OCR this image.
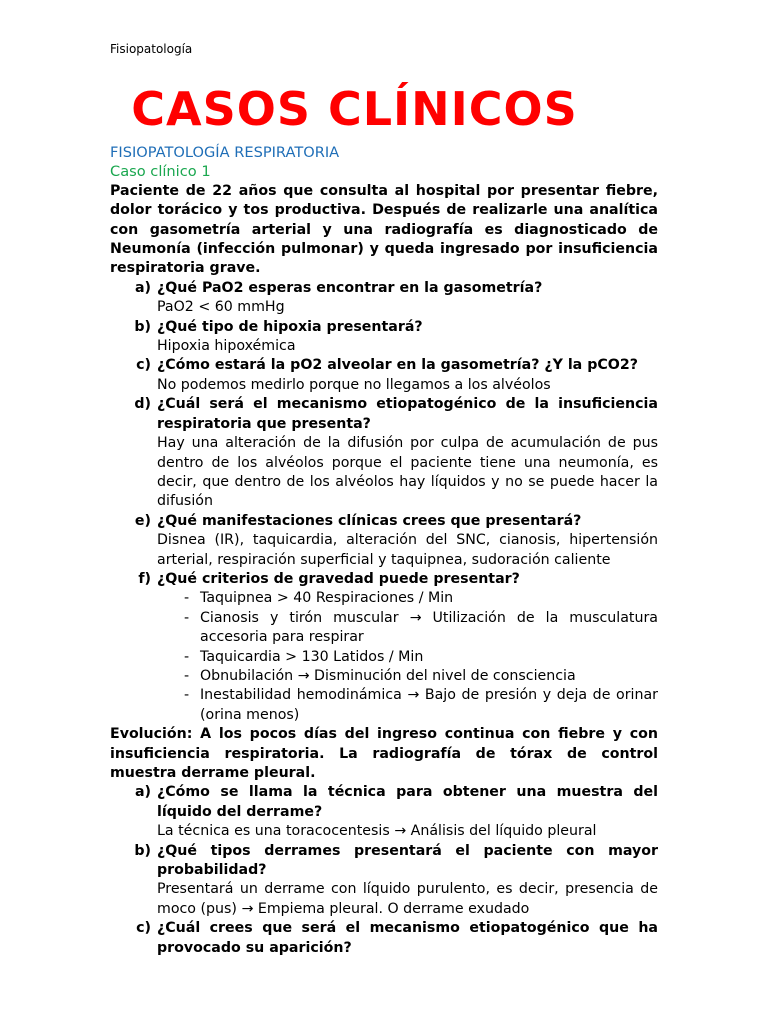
Fisiopatología
CASOS CLÍNICOS
FISIOPATOLOGÍA RESPIRATORIA
Caso clínico 1
Paciente de 22 años que consulta al hospital por presentar fiebre, dolor torácico y tos productiva. Después de realizarle una analítica con gasometría arterial y una radiografía es diagnosticado de Neumonía (infección pulmonar) y queda ingresado por insuficiencia respiratoria grave.
a) ¿Qué PaO2 esperas encontrar en la gasometría?
PaO2 < 60 mmHg
b) ¿Qué tipo de hipoxia presentará?
Hipoxia hipoxémica
c) ¿Cómo estará la pO2 alveolar en la gasometría? ¿Y la pCO2?
No podemos medirlo porque no llegamos a los alvéolos
d) ¿Cuál será el mecanismo etiopatogénico de la insuficiencia respiratoria que presenta?
Hay una alteración de la difusión por culpa de acumulación de pus dentro de los alvéolos porque el paciente tiene una neumonía, es decir, que dentro de los alvéolos hay líquidos y no se puede hacer la difusión
e) ¿Qué manifestaciones clínicas crees que presentará?
Disnea (IR), taquicardia, alteración del SNC, cianosis, hipertensión arterial, respiración superficial y taquipnea, sudoración caliente
f) ¿Qué criterios de gravedad puede presentar?
- Taquipnea > 40 Respiraciones / Min
- Cianosis y tirón muscular → Utilización de la musculatura accesoria para respirar
- Taquicardia > 130 Latidos / Min
- Obnubilación → Disminución del nivel de consciencia
- Inestabilidad hemodinámica → Bajo de presión y deja de orinar (orina menos)
Evolución: A los pocos días del ingreso continua con fiebre y con insuficiencia respiratoria. La radiografía de tórax de control muestra derrame pleural.
a) ¿Cómo se llama la técnica para obtener una muestra del líquido del derrame?
La técnica es una toracocentesis → Análisis del líquido pleural
b) ¿Qué tipos derrames presentará el paciente con mayor probabilidad?
Presentará un derrame con líquido purulento, es decir, presencia de moco (pus) → Empiema pleural. O derrame exudado
c) ¿Cuál crees que será el mecanismo etiopatogénico que ha provocado su aparición?
